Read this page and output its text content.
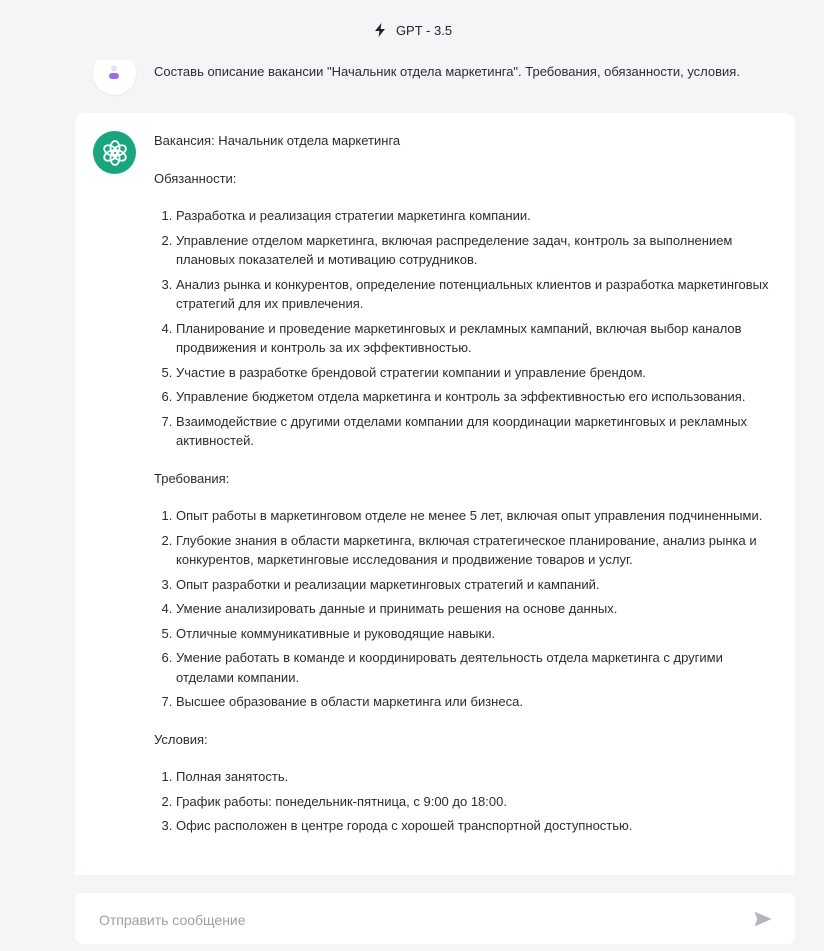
GPT - 3.5
Составь описание вакансии "Начальник отдела маркетинга". Требования, обязанности, условия.

Вакансия: Начальник отдела маркетинга

Обязанности:

1. Разработка и реализация стратегии маркетинга компании.
2. Управление отделом маркетинга, включая распределение задач, контроль за выполнением плановых показателей и мотивацию сотрудников.
3. Анализ рынка и конкурентов, определение потенциальных клиентов и разработка маркетинговых стратегий для их привлечения.
4. Планирование и проведение маркетинговых и рекламных кампаний, включая выбор каналов продвижения и контроль за их эффективностью.
5. Участие в разработке брендовой стратегии компании и управление брендом.
6. Управление бюджетом отдела маркетинга и контроль за эффективностью его использования.
7. Взаимодействие с другими отделами компании для координации маркетинговых и рекламных активностей.

Требования:

1. Опыт работы в маркетинговом отделе не менее 5 лет, включая опыт управления подчиненными.
2. Глубокие знания в области маркетинга, включая стратегическое планирование, анализ рынка и конкурентов, маркетинговые исследования и продвижение товаров и услуг.
3. Опыт разработки и реализации маркетинговых стратегий и кампаний.
4. Умение анализировать данные и принимать решения на основе данных.
5. Отличные коммуникативные и руководящие навыки.
6. Умение работать в команде и координировать деятельность отдела маркетинга с другими отделами компании.
7. Высшее образование в области маркетинга или бизнеса.

Условия:

1. Полная занятость.
2. График работы: понедельник-пятница, с 9:00 до 18:00.
3. Офис расположен в центре города с хорошей транспортной доступностью.
Отправить сообщение
